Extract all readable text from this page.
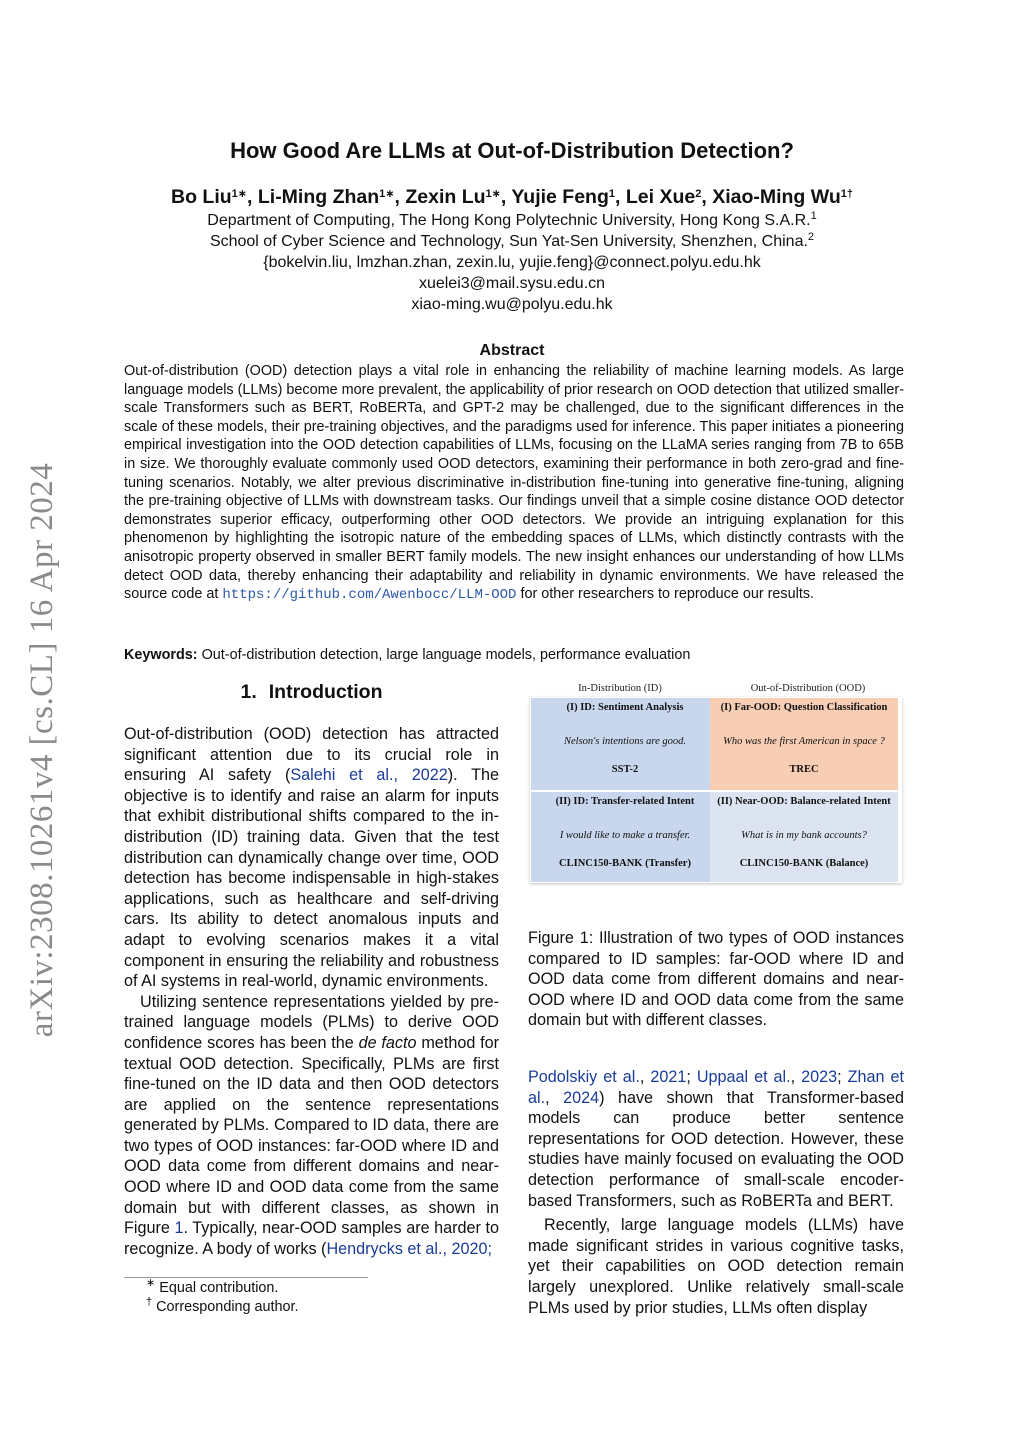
arXiv:2308.10261v4 [cs.CL] 16 Apr 2024
How Good Are LLMs at Out-of-Distribution Detection?
Bo Liu$^{1∗}$, Li-Ming Zhan$^{1∗}$, Zexin $Lu^{1∗}$, Yujie Feng$^1$, Lei Xue$^2$, Xiao-Ming $Wu^{1\dagger}$
Department of Computing, The Hong Kong Polytechnic University, Hong Kong S.A.R.$^1$
School of Cyber Science and Technology, Sun Yat-Sen University, Shenzhen, China.$^2$
{bokelvin.liu, lmzhan.zhan, zexin.lu, yujie.feng}@connect.polyu.edu.hk
xuelei3@mail.sysu.edu.cn
xiao-ming.wu@polyu.edu.hk
Abstract
Out-of-distribution (OOD) detection plays a vital role in enhancing the reliability of machine learning models. As large language models (LLMs) become more prevalent, the applicability of prior research on OOD detection that utilized smaller-scale Transformers such as BERT, RoBERTa, and GPT-2 may be challenged, due to the significant differences in the scale of these models, their pre-training objectives, and the paradigms used for inference. This paper initiates a pioneering empirical investigation into the OOD detection capabilities of LLMs, focusing on the LLaMA series ranging from 7B to 65B in size. We thoroughly evaluate commonly used OOD detectors, examining their performance in both zero-grad and fine-tuning scenarios. Notably, we alter previous discriminative in-distribution fine-tuning into generative fine-tuning, aligning the pre-training objective of LLMs with downstream tasks. Our findings unveil that a simple cosine distance OOD detector demonstrates superior efficacy, outperforming other OOD detectors. We provide an intriguing explanation for this phenomenon by highlighting the isotropic nature of the embedding spaces of LLMs, which distinctly contrasts with the anisotropic property observed in smaller BERT family models. The new insight enhances our understanding of how LLMs detect OOD data, thereby enhancing their adaptability and reliability in dynamic environments. We have released the source code at https://github.com/Awenbocc/LLM-OOD for other researchers to reproduce our results.
Keywords: Out-of-distribution detection, large language models, performance evaluation
1. Introduction

Out-of-distribution (OOD) detection has attracted significant attention due to its crucial role in ensuring AI safety (Salehi et al., 2022). The objective is to identify and raise an alarm for inputs that exhibit distributional shifts compared to the in-distribution (ID) training data. Given that the test distribution can dynamically change over time, OOD detection has become indispensable in high-stakes applications, such as healthcare and self-driving cars. Its ability to detect anomalous inputs and adapt to evolving scenarios makes it a vital component in ensuring the reliability and robustness of AI systems in real-world, dynamic environments.

Utilizing sentence representations yielded by pre-trained language models (PLMs) to derive OOD confidence scores has been the de facto method for textual OOD detection. Specifically, PLMs are first fine-tuned on the ID data and then OOD detectors are applied on the sentence representations generated by PLMs. Compared to ID data, there are two types of OOD instances: far-OOD where ID and OOD data come from different domains and near-OOD where ID and OOD data come from the same domain but with different classes, as shown in Figure 1. Typically, near-OOD samples are harder to recognize. A body of works (Hendrycks et al., 2020;

∗ Equal contribution.
† Corresponding author.
In-Distribution (ID)	Out-of-Distribution (OOD)
(I) ID: Sentiment Analysis
Nelson's intentions are good.
SST-2
(I) Far-OOD: Question Classification
Who was the first American in space ?
TREC
(II) ID: Transfer-related Intent
I would like to make a transfer.
CLINC150-BANK (Transfer)
(II) Near-OOD: Balance-related Intent
What is in my bank accounts?
CLINC150-BANK (Balance)
Figure 1: Illustration of two types of OOD instances compared to ID samples: far-OOD where ID and OOD data come from different domains and near-OOD where ID and OOD data come from the same domain but with different classes.

Podolskiy et al., 2021; Uppaal et al., 2023; Zhan et al., 2024) have shown that Transformer-based models can produce better sentence representations for OOD detection. However, these studies have mainly focused on evaluating the OOD detection performance of small-scale encoder-based Transformers, such as RoBERTa and BERT.

Recently, large language models (LLMs) have made significant strides in various cognitive tasks, yet their capabilities on OOD detection remain largely unexplored. Unlike relatively small-scale PLMs used by prior studies, LLMs often display
